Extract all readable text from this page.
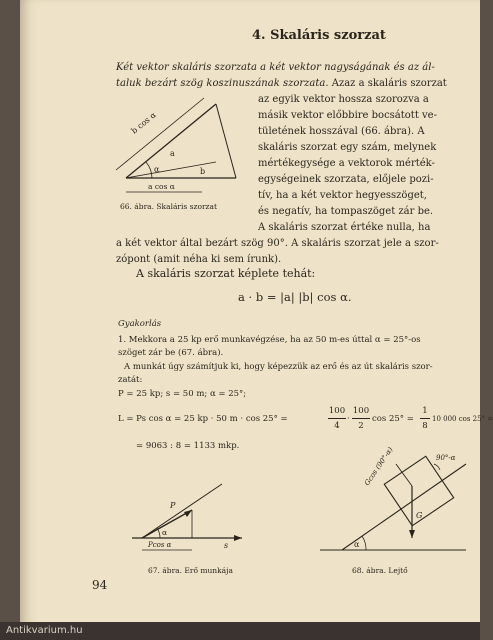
4. Skaláris szorzat
Két vektor skaláris szorzata a két vektor nagyságának és az ál-
taluk bezárt szög koszinuszának szorzata. Azaz a skaláris szorzat
az egyik vektor hossza szorozva a
másik vektor előbbire bocsátott ve-
tületének hosszával (66. ábra). A
skaláris szorzat egy szám, melynek
mértékegysége a vektorok mérték-
egységeinek szorzata, előjele pozi-
tív, ha a két vektor hegyesszöget,
és negatív, ha tompaszöget zár be.
A skaláris szorzat értéke nulla, ha
a két vektor által bezárt szög 90°. A skaláris szorzat jele a szor-
zópont (amit néha ki sem írunk).
b cos α
a
α	b
a cos α
66. ábra. Skaláris szorzat
A skaláris szorzat képlete tehát:
a · b = |a| |b| cos α.
Gyakorlás
1. Mekkora a 25 kp erő munkavégzése, ha az 50 m-es úttal α = 25°-os
szöget zár be (67. ábra).
A munkát úgy számítjuk ki, hogy képezzük az erő és az út skaláris szor-
zatát:
P = 25 kp; s = 50 m; α = 25°;
L = Ps cos α = 25 kp · 50 m · cos 25° =
100
4
·
100
2
cos 25° =
1
8
10 000 cos 25° =
= 9063 : 8 = 1133 mkp.
P
α
Pcos α	s
67. ábra. Erő munkája
Gcos (90°-α)	90°-α
G
α
68. ábra. Lejtő
94
Antikvarium.hu
